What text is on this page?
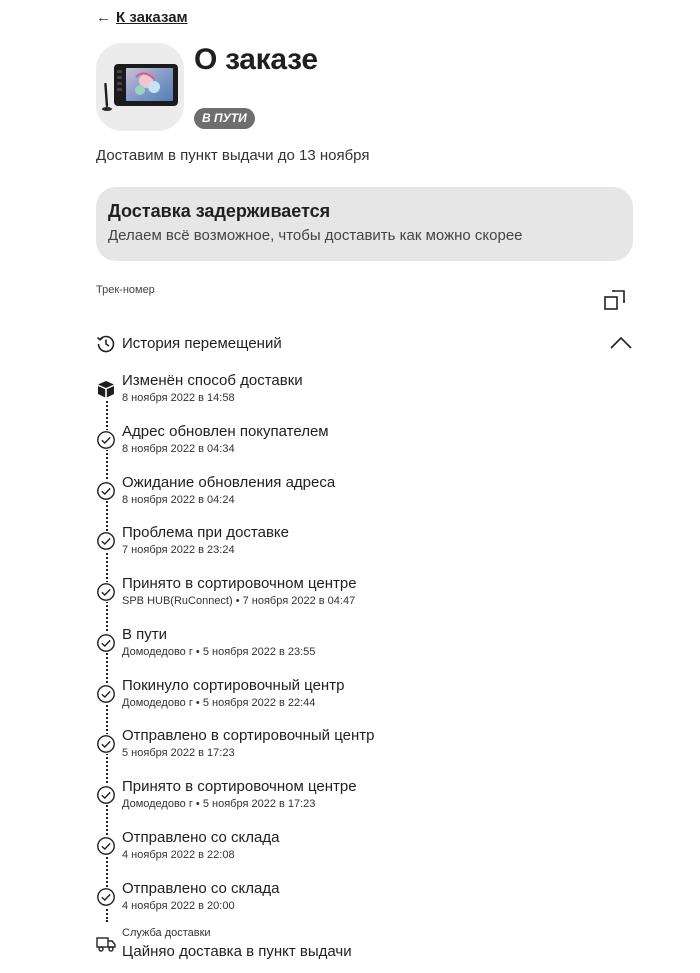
← К заказам
О заказе
В ПУТИ
Доставим в пункт выдачи до 13 ноября
Доставка задерживается
Делаем всё возможное, чтобы доставить как можно скорее
Трек-номер
История перемещений
Изменён способ доставки
8 ноября 2022 в 14:58
Адрес обновлен покупателем
8 ноября 2022 в 04:34
Ожидание обновления адреса
8 ноября 2022 в 04:24
Проблема при доставке
7 ноября 2022 в 23:24
Принято в сортировочном центре
SPB HUB(RuConnect) • 7 ноября 2022 в 04:47
В пути
Домодедово г • 5 ноября 2022 в 23:55
Покинуло сортировочный центр
Домодедово г • 5 ноября 2022 в 22:44
Отправлено в сортировочный центр
5 ноября 2022 в 17:23
Принято в сортировочном центре
Домодедово г • 5 ноября 2022 в 17:23
Отправлено со склада
4 ноября 2022 в 22:08
Отправлено со склада
4 ноября 2022 в 20:00
Служба доставки
Цайняо доставка в пункт выдачи
